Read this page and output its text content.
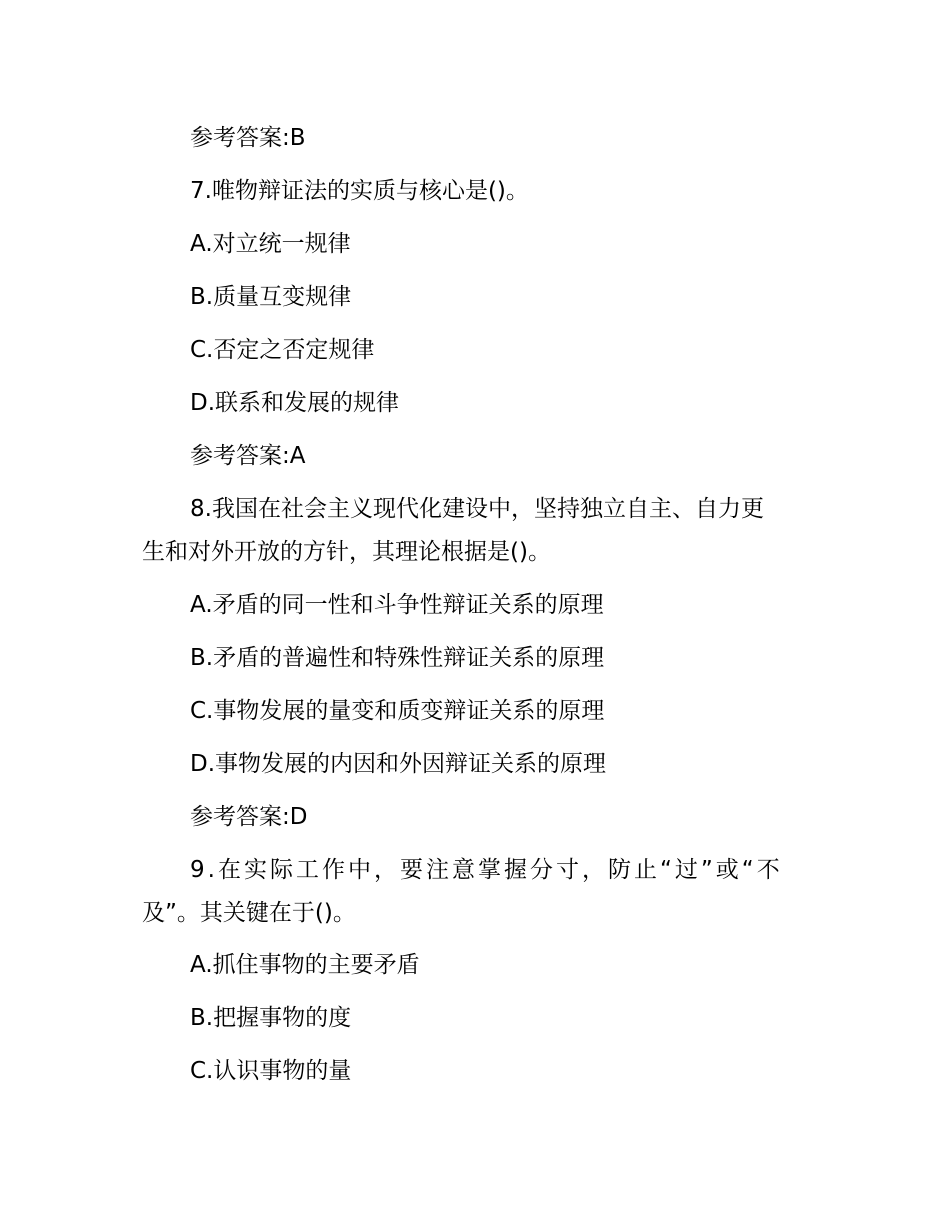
参考答案:B
7.唯物辩证法的实质与核心是()。
A.对立统一规律
B.质量互变规律
C.否定之否定规律
D.联系和发展的规律
参考答案:A
8.我国在社会主义现代化建设中，坚持独立自主、自力更
生和对外开放的方针，其理论根据是()。
A.矛盾的同一性和斗争性辩证关系的原理
B.矛盾的普遍性和特殊性辩证关系的原理
C.事物发展的量变和质变辩证关系的原理
D.事物发展的内因和外因辩证关系的原理
参考答案:D
9.在实际工作中，要注意掌握分寸，防止“过”或“不
及”。其关键在于()。
A.抓住事物的主要矛盾
B.把握事物的度
C.认识事物的量
